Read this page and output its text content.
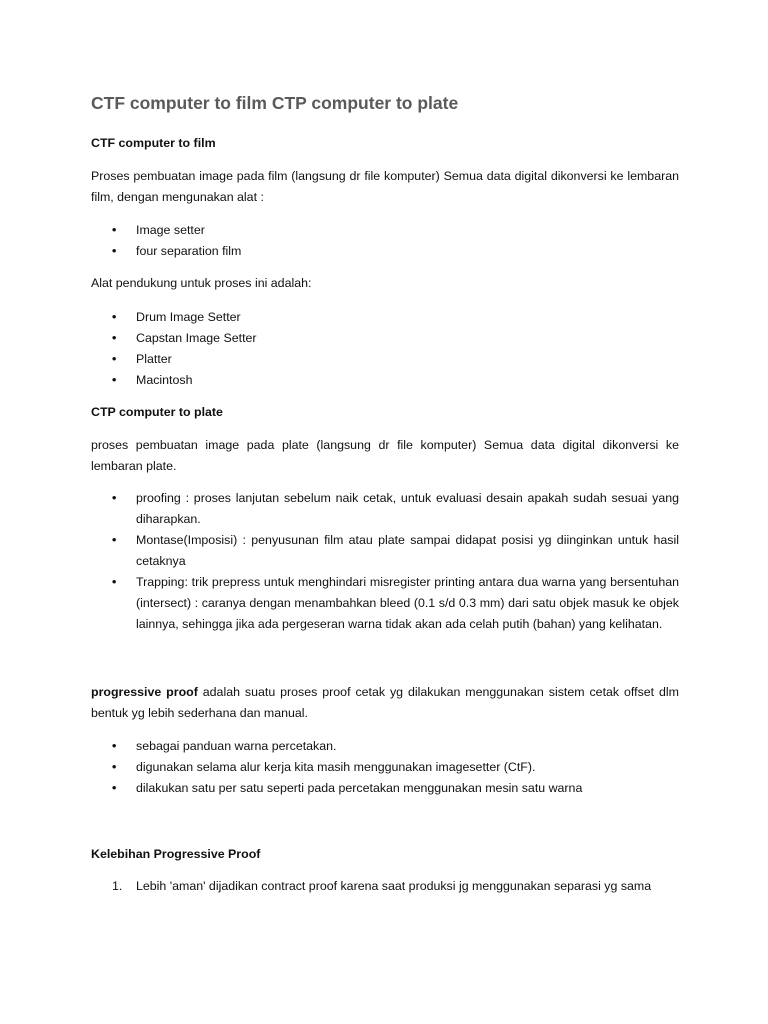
CTF computer to film CTP computer to plate
CTF computer to film
Proses pembuatan image pada film (langsung dr file komputer) Semua data digital dikonversi ke lembaran film, dengan mengunakan alat :
• Image setter
• four separation film
Alat pendukung untuk proses ini adalah:
• Drum Image Setter
• Capstan Image Setter
• Platter
• Macintosh
CTP computer to plate
proses pembuatan image pada plate (langsung dr file komputer) Semua data digital dikonversi ke lembaran plate.
• proofing : proses lanjutan sebelum naik cetak, untuk evaluasi desain apakah sudah sesuai yang diharapkan.
• Montase(Imposisi) : penyusunan film atau plate sampai didapat posisi yg diinginkan untuk hasil cetaknya
• Trapping: trik prepress untuk menghindari misregister printing antara dua warna yang bersentuhan (intersect) : caranya dengan menambahkan bleed (0.1 s/d 0.3 mm) dari satu objek masuk ke objek lainnya, sehingga jika ada pergeseran warna tidak akan ada celah putih (bahan) yang kelihatan.
progressive proof adalah suatu proses proof cetak yg dilakukan menggunakan sistem cetak offset dlm bentuk yg lebih sederhana dan manual.
• sebagai panduan warna percetakan.
• digunakan selama alur kerja kita masih menggunakan imagesetter (CtF).
• dilakukan satu per satu seperti pada percetakan menggunakan mesin satu warna
Kelebihan Progressive Proof
1. Lebih 'aman' dijadikan contract proof karena saat produksi jg menggunakan separasi yg sama
